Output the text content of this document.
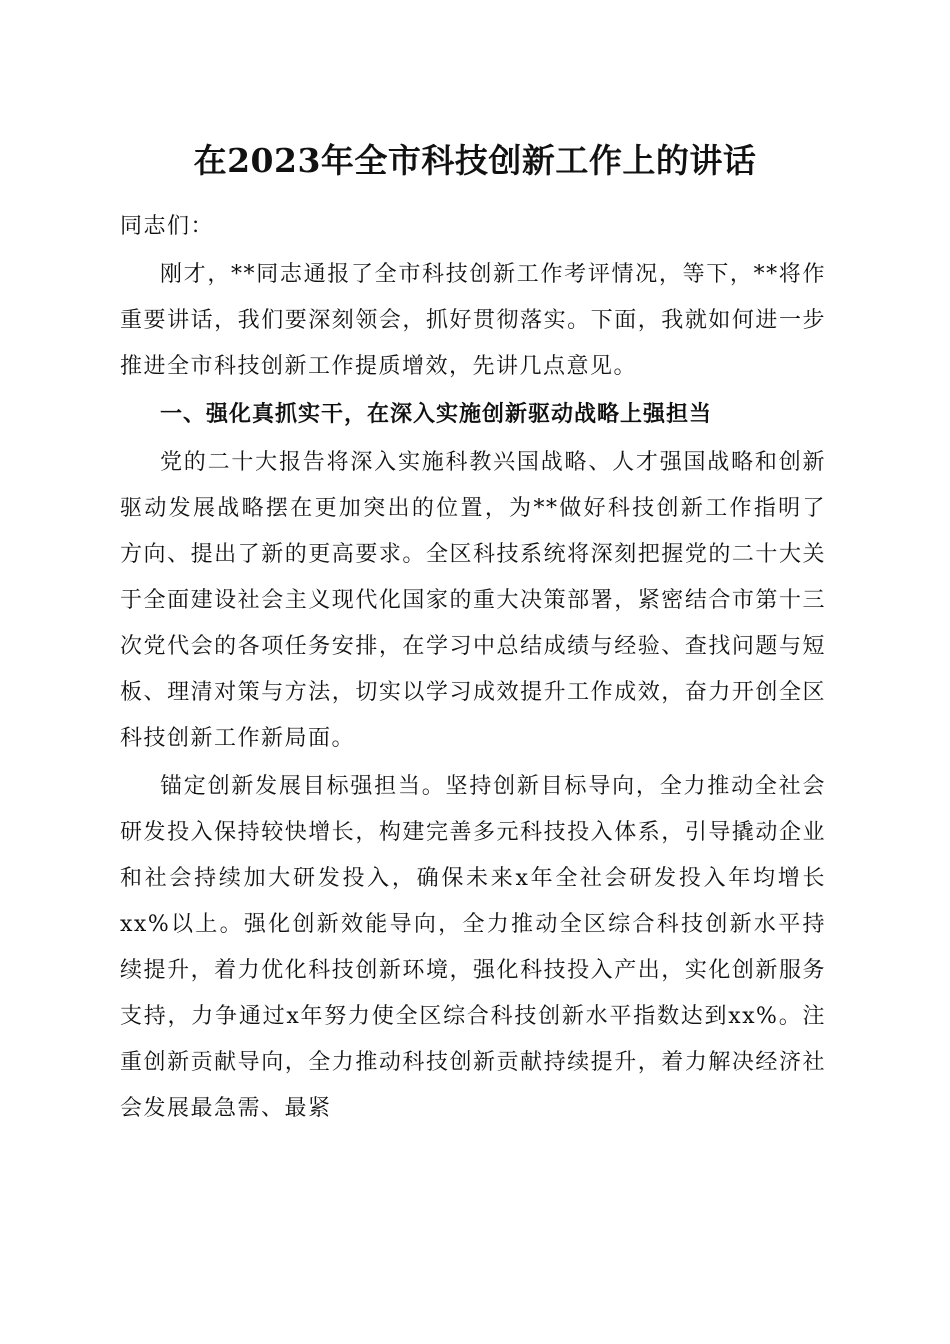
在2023年全市科技创新工作上的讲话

同志们：

刚才，**同志通报了全市科技创新工作考评情况，等下，**将作重要讲话，我们要深刻领会，抓好贯彻落实。下面，我就如何进一步推进全市科技创新工作提质增效，先讲几点意见。

一、强化真抓实干，在深入实施创新驱动战略上强担当

党的二十大报告将深入实施科教兴国战略、人才强国战略和创新驱动发展战略摆在更加突出的位置，为**做好科技创新工作指明了方向、提出了新的更高要求。全区科技系统将深刻把握党的二十大关于全面建设社会主义现代化国家的重大决策部署，紧密结合市第十三次党代会的各项任务安排，在学习中总结成绩与经验、查找问题与短板、理清对策与方法，切实以学习成效提升工作成效，奋力开创全区科技创新工作新局面。

锚定创新发展目标强担当。坚持创新目标导向，全力推动全社会研发投入保持较快增长，构建完善多元科技投入体系，引导撬动企业和社会持续加大研发投入，确保未来x年全社会研发投入年均增长xx%以上。强化创新效能导向，全力推动全区综合科技创新水平持续提升，着力优化科技创新环境，强化科技投入产出，实化创新服务支持，力争通过x年努力使全区综合科技创新水平指数达到xx%。注重创新贡献导向，全力推动科技创新贡献持续提升，着力解决经济社会发展最急需、最紧
